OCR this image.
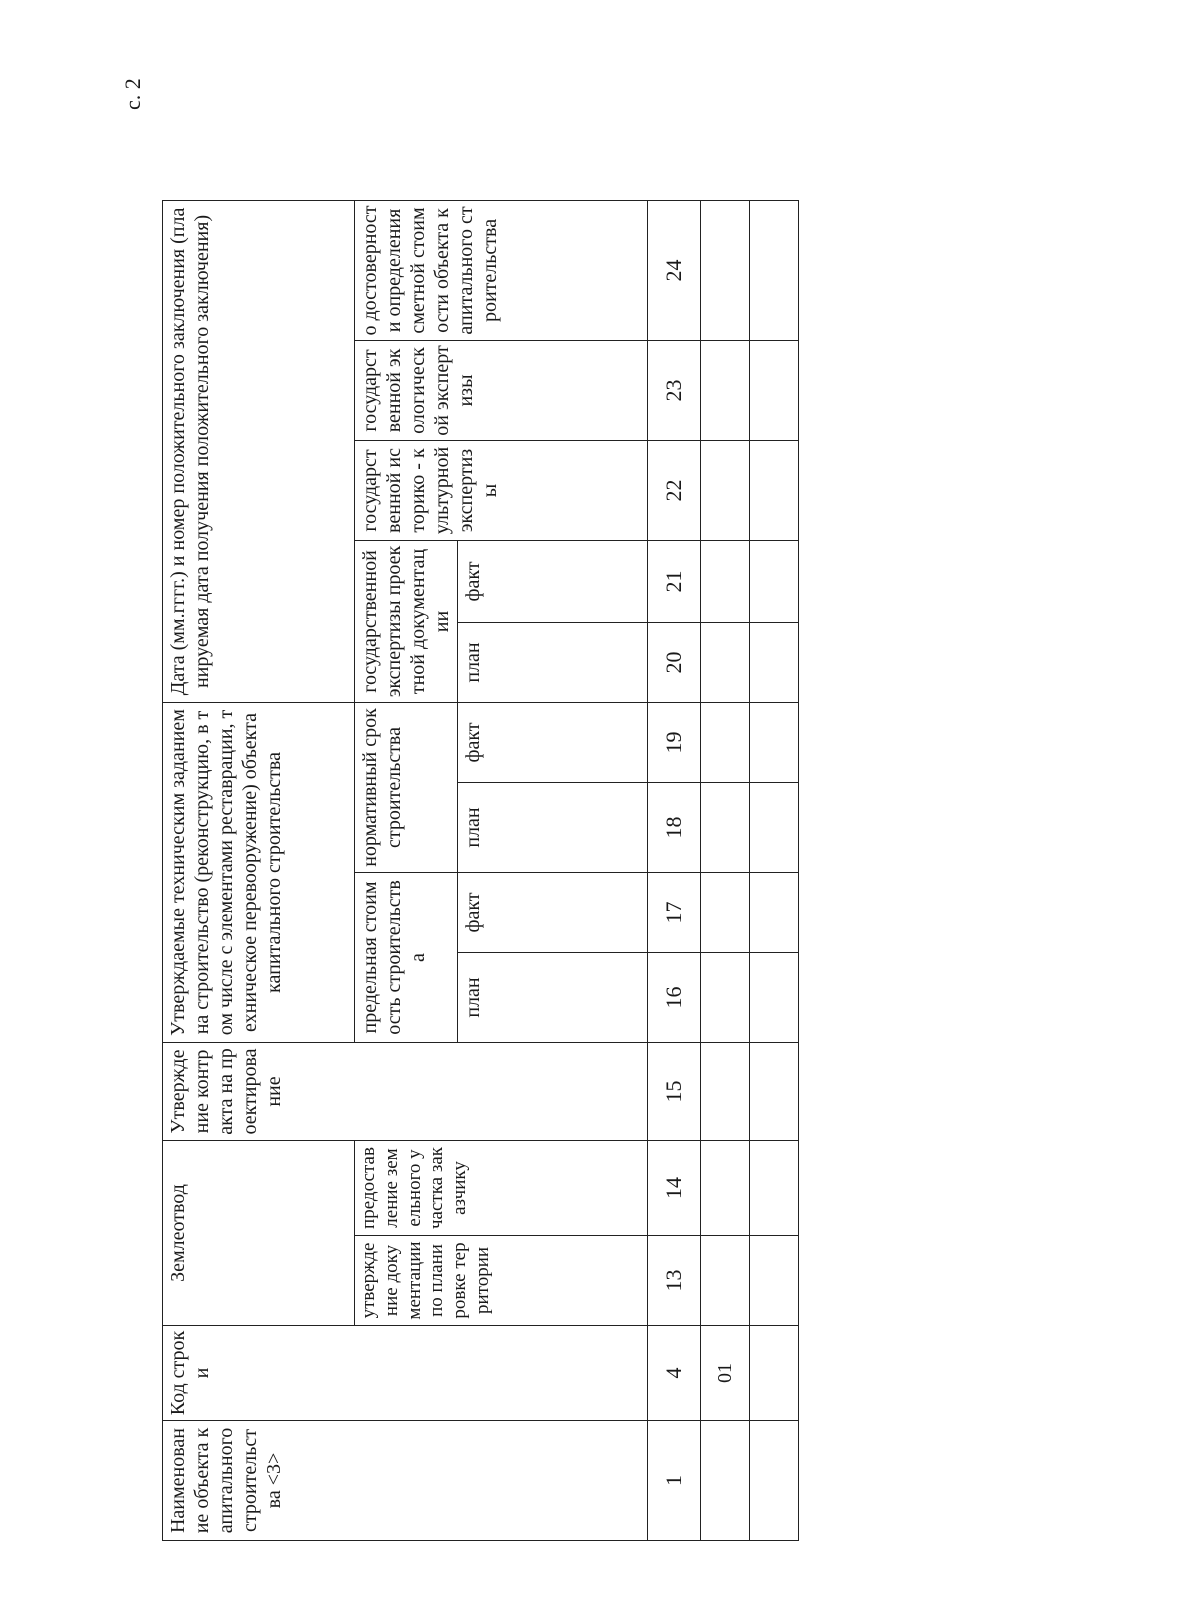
с. 2
Наименование объекта капитального строительства <3>	Код строки	Землеотвод		Утверждение контракта на проектирование	Утверждаемые техническим заданием на строительство (реконструкцию, в том числе с элементами реставрации, техническое перевооружение) объекта капитального строительства				Дата (мм.гггг.) и номер положительного заключения (планируемая дата получения положительного заключения)				
		утверждение документации по планировке территории	предоставление земельного участка заказчику		предельная стоимость строительства		нормативный срок строительства		государственной экспертизы проектной документации		государственной историко - культурной экспертизы	государственной экологической экспертизы	о достоверности определения сметной стоимости объекта капитального строительства
					план	факт	план	факт	план	факт			
1	4	13	14	15	16	17	18	19	20	21	22	23	24
	01												
